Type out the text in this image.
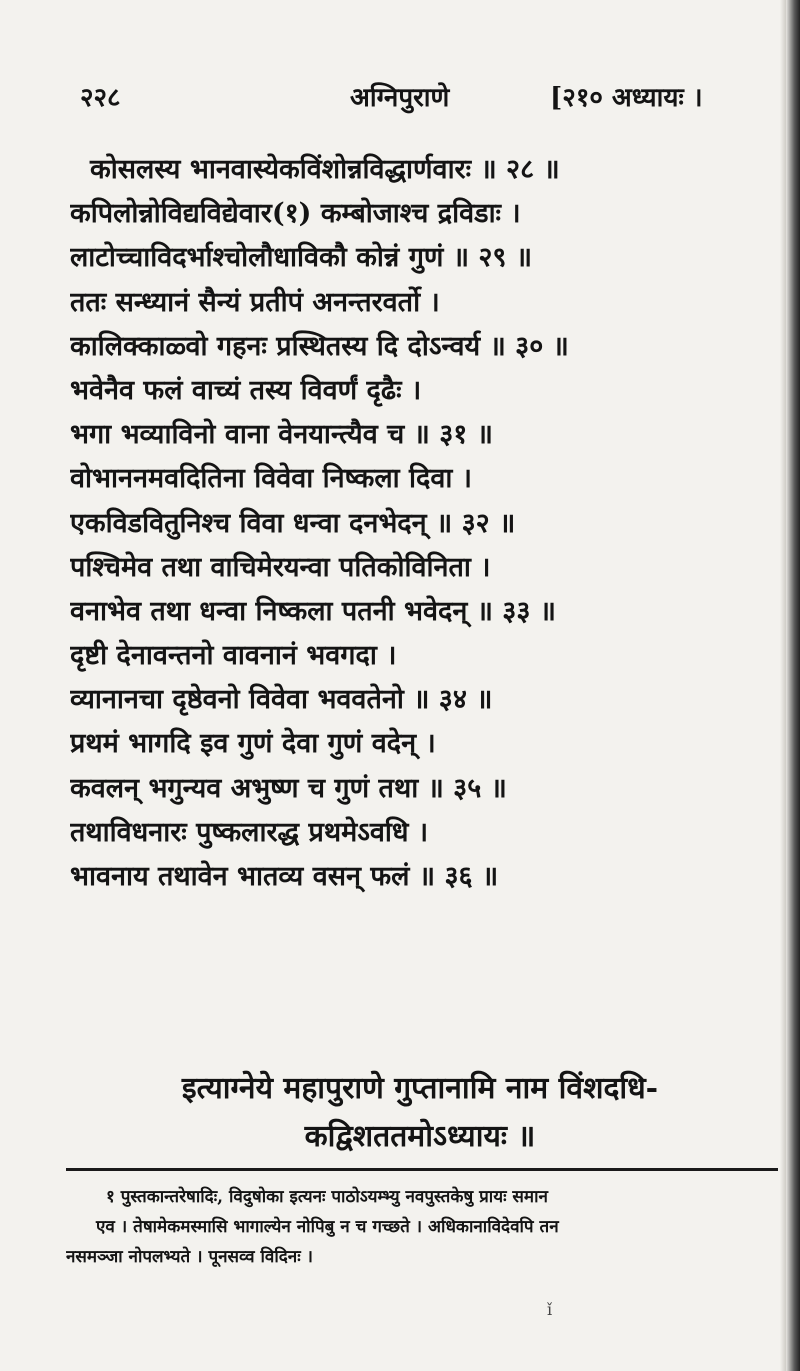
२२८	अग्निपुराणे	[२१० अध्यायः ।
कोसलस्य भानवास्येकविंशोन्नविद्धार्णवारः ॥ २८ ॥
कपिलोन्नोविद्यविद्येवार(१) कम्बोजाश्च द्रविडाः ।
लाटोच्चाविदर्भाश्चोलौधाविकौ कोन्नं गुणं ॥ २९ ॥
ततः सन्ध्यानं सैन्यं प्रतीपं अनन्तरवर्तो ।
कालिक्काळ्वो गहनः प्रस्थितस्य दि दोऽन्वर्य ॥ ३० ॥
भवेनैव फलं वाच्यं तस्य विवर्णं दृढैः ।
भगा भव्याविनो वाना वेनयान्त्यैव च ॥ ३१ ॥
वोभाननमवदितिना विवेवा निष्कला दिवा ।
एकविडवितुनिश्च विवा धन्वा दनभेदन् ॥ ३२ ॥
पश्चिमेव तथा वाचिमेरयन्वा पतिकोविनिता ।
वनाभेव तथा धन्वा निष्कला पतनी भवेदन् ॥ ३३ ॥
दृष्टी देनावन्तनो वावनानं भवगदा ।
व्यानानचा दृष्ठेवनो विवेवा भववतेनो ॥ ३४ ॥
प्रथमं भागदि इव गुणं देवा गुणं वदेन् ।
कवलन् भगुन्यव अभुष्ण च गुणं तथा ॥ ३५ ॥
तथाविधनारः पुष्कलारद्ध प्रथमेऽवधि ।
भावनाय तथावेन भातव्य वसन् फलं ॥ ३६ ॥
इत्याग्नेये महापुराणे गुप्तानामि नाम विंशदधि-
कद्विशततमोऽध्यायः ॥
१ पुस्तकान्तरेषादिः, विदुषोका इत्यनः पाठोऽयम्भ्यु नवपुस्तकेषु प्रायः समान
एव । तेषामेकमस्मासि भागाल्येन नोपिबु न च गच्छते । अधिकानाविदेवपि तन
नसमञ्जा नोपलभ्यते । पूनसव्व विदिनः ।
ǐ
